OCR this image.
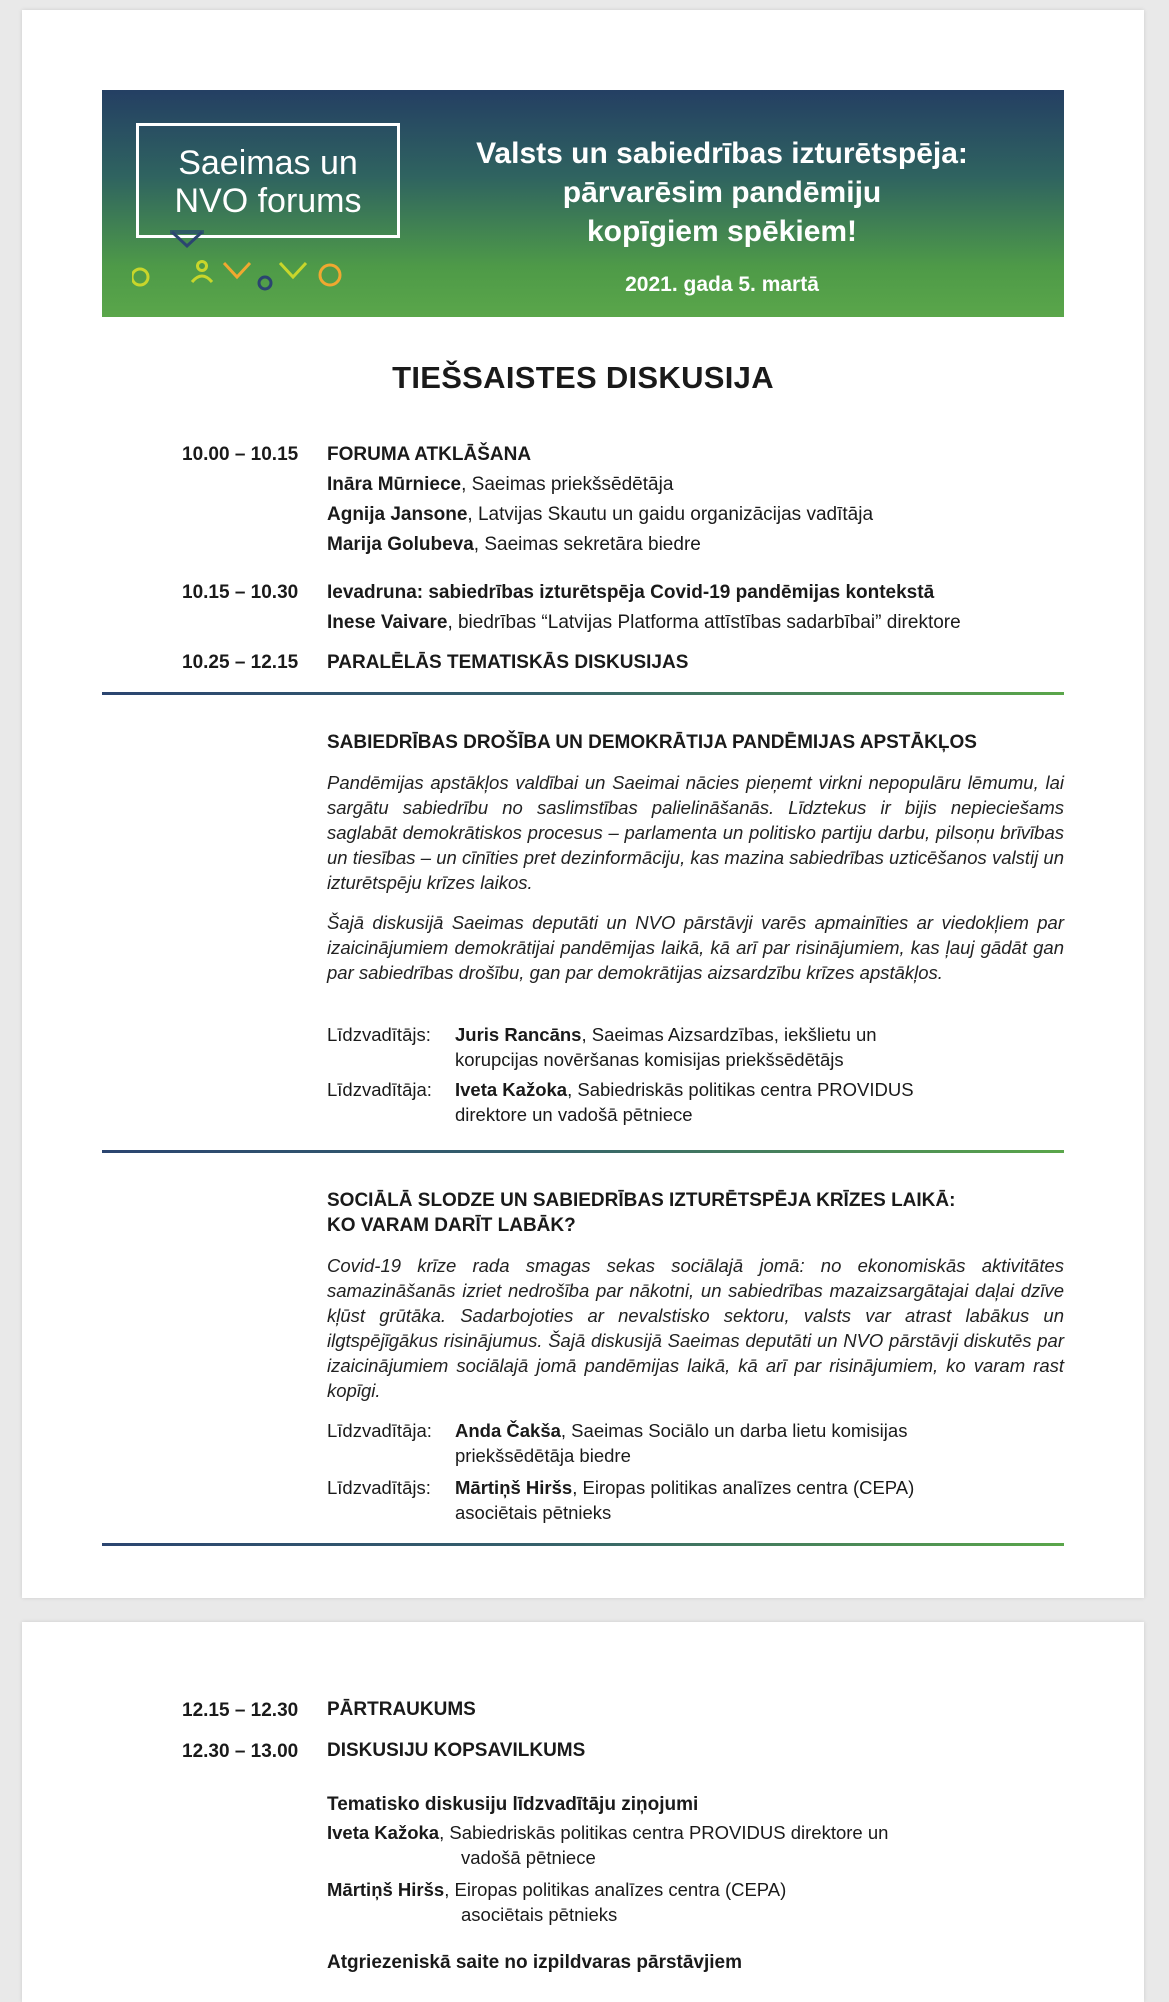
Saeimas un
NVO forums
Valsts un sabiedrības izturētspēja:
pārvarēsim pandēmiju
kopīgiem spēkiem!
2021. gada 5. martā
TIEŠSAISTES DISKUSIJA
10.00 – 10.15 FORUMA ATKLĀŠANA
Ināra Mūrniece, Saeimas priekšsēdētāja
Agnija Jansone, Latvijas Skautu un gaidu organizācijas vadītāja
Marija Golubeva, Saeimas sekretāra biedre
10.15 – 10.30 Ievadruna: sabiedrības izturētspēja Covid-19 pandēmijas kontekstā
Inese Vaivare, biedrības “Latvijas Platforma attīstības sadarbībai” direktore
10.25 – 12.15 PARALĒLĀS TEMATISKĀS DISKUSIJAS
SABIEDRĪBAS DROŠĪBA UN DEMOKRĀTIJA PANDĒMIJAS APSTĀKĻOS
Pandēmijas apstākļos valdībai un Saeimai nācies pieņemt virkni nepopulāru lēmumu, lai sargātu sabiedrību no saslimstības palielināšanās. Līdztekus ir bijis nepieciešams saglabāt demokrātiskos procesus – parlamenta un politisko partiju darbu, pilsoņu brīvības un tiesības – un cīnīties pret dezinformāciju, kas mazina sabiedrības uzticēšanos valstij un izturētspēju krīzes laikos.
Šajā diskusijā Saeimas deputāti un NVO pārstāvji varēs apmainīties ar viedokļiem par izaicinājumiem demokrātijai pandēmijas laikā, kā arī par risinājumiem, kas ļauj gādāt gan par sabiedrības drošību, gan par demokrātijas aizsardzību krīzes apstākļos.
Līdzvadītājs: Juris Rancāns, Saeimas Aizsardzības, iekšlietu un
korupcijas novēršanas komisijas priekšsēdētājs
Līdzvadītāja: Iveta Kažoka, Sabiedriskās politikas centra PROVIDUS
direktore un vadošā pētniece
SOCIĀLĀ SLODZE UN SABIEDRĪBAS IZTURĒTSPĒJA KRĪZES LAIKĀ:
KO VARAM DARĪT LABĀK?
Covid-19 krīze rada smagas sekas sociālajā jomā: no ekonomiskās aktivitātes samazināšanās izriet nedrošība par nākotni, un sabiedrības mazaizsargātajai daļai dzīve kļūst grūtāka. Sadarbojoties ar nevalstisko sektoru, valsts var atrast labākus un ilgtspējīgākus risinājumus. Šajā diskusijā Saeimas deputāti un NVO pārstāvji diskutēs par izaicinājumiem sociālajā jomā pandēmijas laikā, kā arī par risinājumiem, ko varam rast kopīgi.
Līdzvadītāja: Anda Čakša, Saeimas Sociālo un darba lietu komisijas
priekšsēdētāja biedre
Līdzvadītājs: Mārtiņš Hiršs, Eiropas politikas analīzes centra (CEPA)
asociētais pētnieks
12.15 – 12.30 PĀRTRAUKUMS
12.30 – 13.00 DISKUSIJU KOPSAVILKUMS
Tematisko diskusiju līdzvadītāju ziņojumi
Iveta Kažoka, Sabiedriskās politikas centra PROVIDUS direktore un
vadošā pētniece
Mārtiņš Hiršs, Eiropas politikas analīzes centra (CEPA)
asociētais pētnieks
Atgriezeniskā saite no izpildvaras pārstāvjiem
